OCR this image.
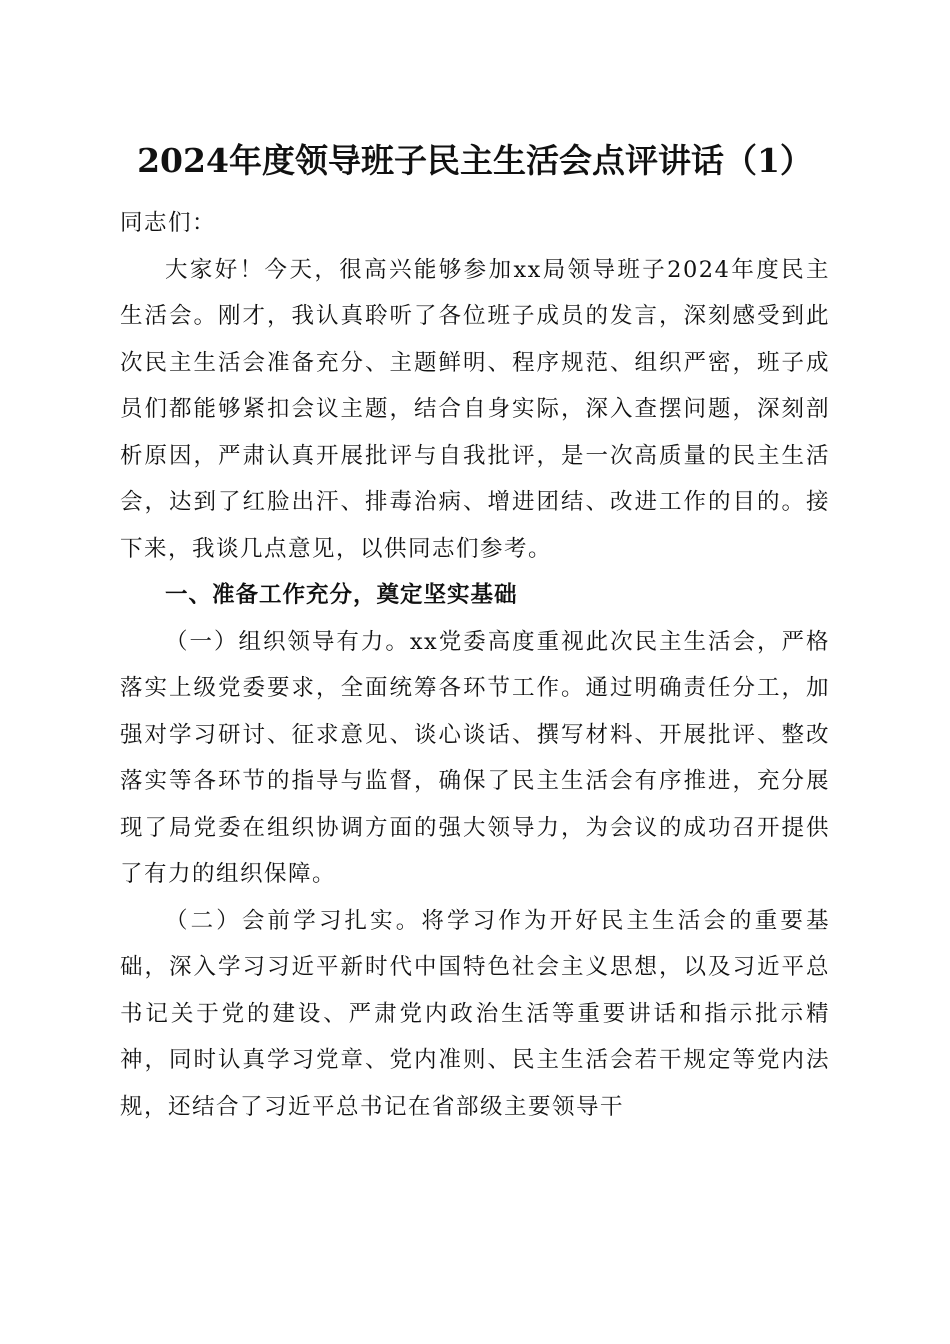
2024年度领导班子民主生活会点评讲话（1）

同志们：

大家好！今天，很高兴能够参加xx局领导班子2024年度民主生活会。刚才，我认真聆听了各位班子成员的发言，深刻感受到此次民主生活会准备充分、主题鲜明、程序规范、组织严密，班子成员们都能够紧扣会议主题，结合自身实际，深入查摆问题，深刻剖析原因，严肃认真开展批评与自我批评，是一次高质量的民主生活会，达到了红脸出汗、排毒治病、增进团结、改进工作的目的。接下来，我谈几点意见，以供同志们参考。

一、准备工作充分，奠定坚实基础

（一）组织领导有力。xx党委高度重视此次民主生活会，严格落实上级党委要求，全面统筹各环节工作。通过明确责任分工，加强对学习研讨、征求意见、谈心谈话、撰写材料、开展批评、整改落实等各环节的指导与监督，确保了民主生活会有序推进，充分展现了局党委在组织协调方面的强大领导力，为会议的成功召开提供了有力的组织保障。

（二）会前学习扎实。将学习作为开好民主生活会的重要基础，深入学习习近平新时代中国特色社会主义思想，以及习近平总书记关于党的建设、严肃党内政治生活等重要讲话和指示批示精神，同时认真学习党章、党内准则、民主生活会若干规定等党内法规，还结合了习近平总书记在省部级主要领导干
